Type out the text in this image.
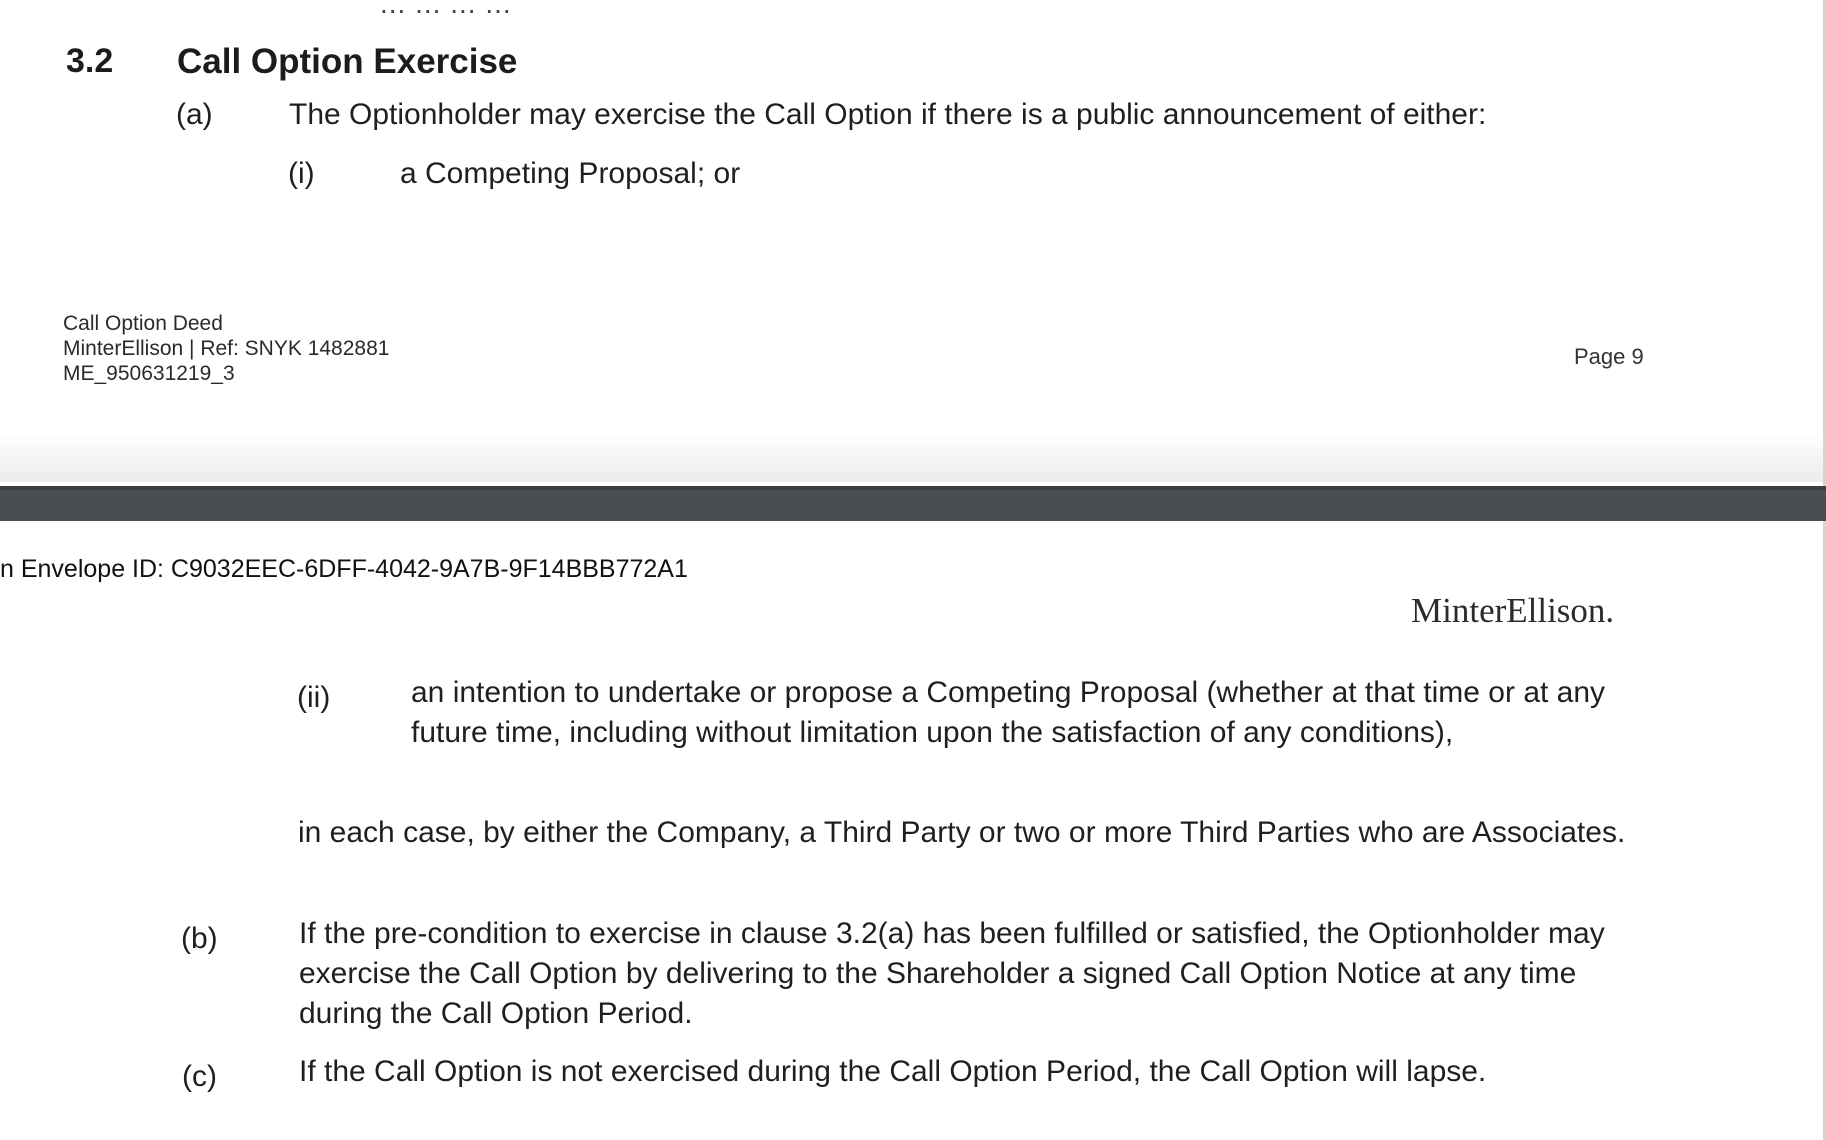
... ... ... ...
3.2 Call Option Exercise
(a)	The Optionholder may exercise the Call Option if there is a public announcement of either:
(i)	a Competing Proposal; or
Call Option Deed
MinterEllison | Ref: SNYK 1482881
ME_950631219_3
Page 9
n Envelope ID: C9032EEC-6DFF-4042-9A7B-9F14BBB772A1
MinterEllison.
(ii)	an intention to undertake or propose a Competing Proposal (whether at that time or at any future time, including without limitation upon the satisfaction of any conditions),
in each case, by either the Company, a Third Party or two or more Third Parties who are Associates.
(b)	If the pre-condition to exercise in clause 3.2(a) has been fulfilled or satisfied, the Optionholder may exercise the Call Option by delivering to the Shareholder a signed Call Option Notice at any time during the Call Option Period.
(c)	If the Call Option is not exercised during the Call Option Period, the Call Option will lapse.
